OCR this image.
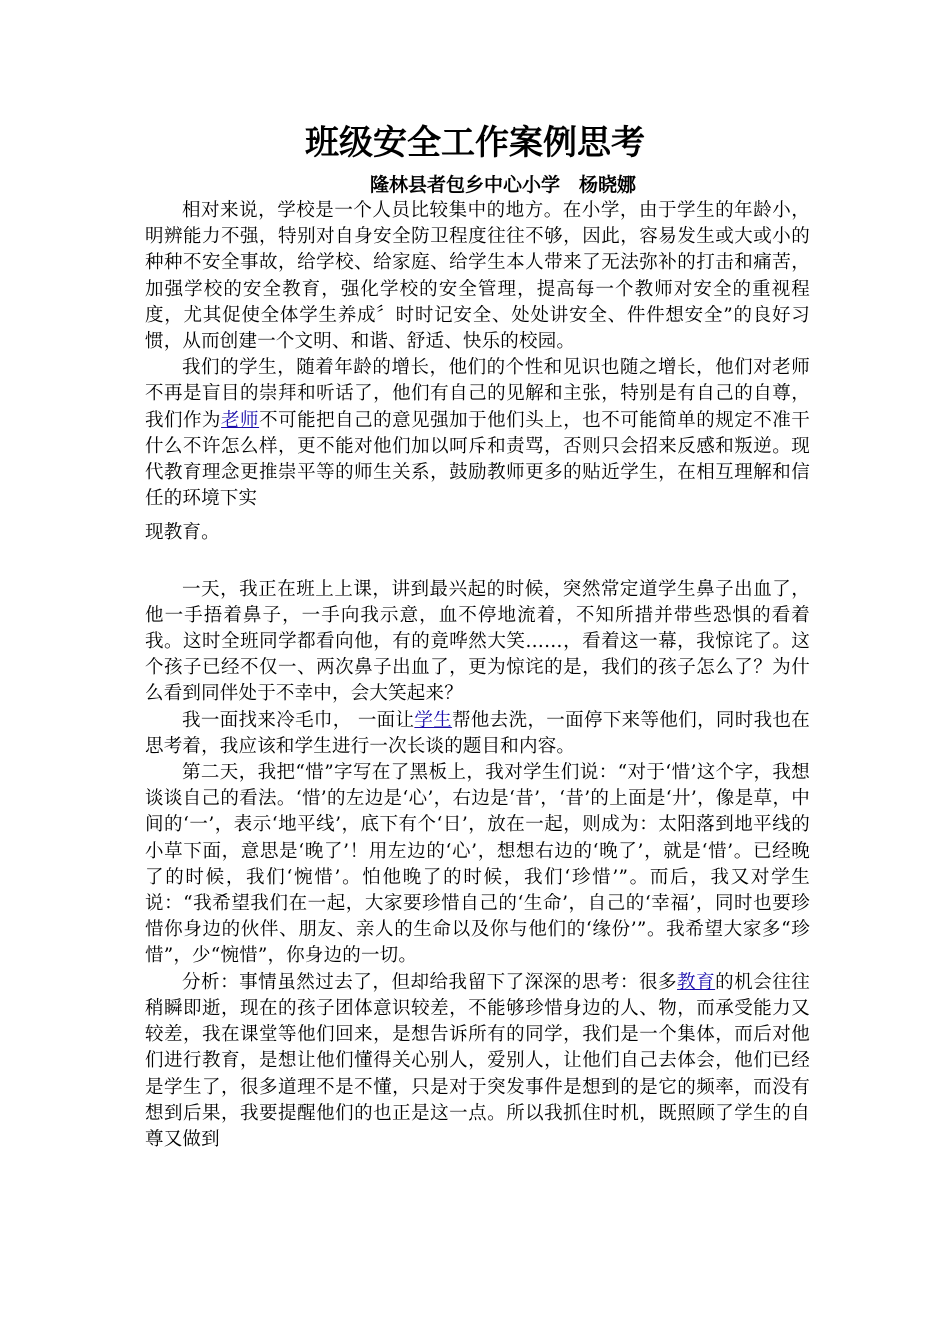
班级安全工作案例思考
隆林县者包乡中心小学　杨晓娜

相对来说，学校是一个人员比较集中的地方。在小学，由于学生的年龄小，明辨能力不强，特别对自身安全防卫程度往往不够，因此，容易发生或大或小的种种不安全事故，给学校、给家庭、给学生本人带来了无法弥补的打击和痛苦，加强学校的安全教育，强化学校的安全管理，提高每一个教师对安全的重视程度，尤其促使全体学生养成〞时时记安全、处处讲安全、件件想安全”的良好习惯，从而创建一个文明、和谐、舒适、快乐的校园。

我们的学生，随着年龄的增长，他们的个性和见识也随之增长，他们对老师不再是盲目的崇拜和听话了，他们有自己的见解和主张，特别是有自己的自尊，我们作为老师不可能把自己的意见强加于他们头上，也不可能简单的规定不准干什么不许怎么样，更不能对他们加以呵斥和责骂，否则只会招来反感和叛逆。现代教育理念更推崇平等的师生关系，鼓励教师更多的贴近学生，在相互理解和信任的环境下实
现教育。

一天，我正在班上上课，讲到最兴起的时候，突然常定道学生鼻子出血了，他一手捂着鼻子，一手向我示意，血不停地流着，不知所措并带些恐惧的看着我。这时全班同学都看向他，有的竟哗然大笑……，看着这一幕，我惊诧了。这个孩子已经不仅一、两次鼻子出血了，更为惊诧的是，我们的孩子怎么了？为什么看到同伴处于不幸中，会大笑起来？

我一面找来冷毛巾， 一面让学生帮他去洗，一面停下来等他们，同时我也在思考着，我应该和学生进行一次长谈的题目和内容。

第二天，我把“惜”字写在了黑板上，我对学生们说：“对于‘惜’这个字，我想谈谈自己的看法。‘惜’的左边是‘心’，右边是‘昔’，‘昔’的上面是‘廾’，像是草，中间的‘一’，表示‘地平线’，底下有个‘日’，放在一起，则成为：太阳落到地平线的小草下面，意思是‘晚了’！用左边的‘心’，想想右边的‘晚了’，就是‘惜’。已经晚了的时候，我们‘惋惜’。怕他晚了的时候，我们‘珍惜’”。而后，我又对学生说：“我希望我们在一起，大家要珍惜自己的‘生命’，自己的‘幸福’，同时也要珍惜你身边的伙伴、朋友、亲人的生命以及你与他们的‘缘份’”。我希望大家多“珍惜”，少“惋惜”，你身边的一切。

分析：事情虽然过去了，但却给我留下了深深的思考：很多教育的机会往往稍瞬即逝，现在的孩子团体意识较差，不能够珍惜身边的人、物，而承受能力又较差，我在课堂等他们回来，是想告诉所有的同学，我们是一个集体，而后对他们进行教育，是想让他们懂得关心别人，爱别人，让他们自己去体会，他们已经是学生了，很多道理不是不懂，只是对于突发事件是想到的是它的频率，而没有想到后果，我要提醒他们的也正是这一点。所以我抓住时机，既照顾了学生的自尊又做到
